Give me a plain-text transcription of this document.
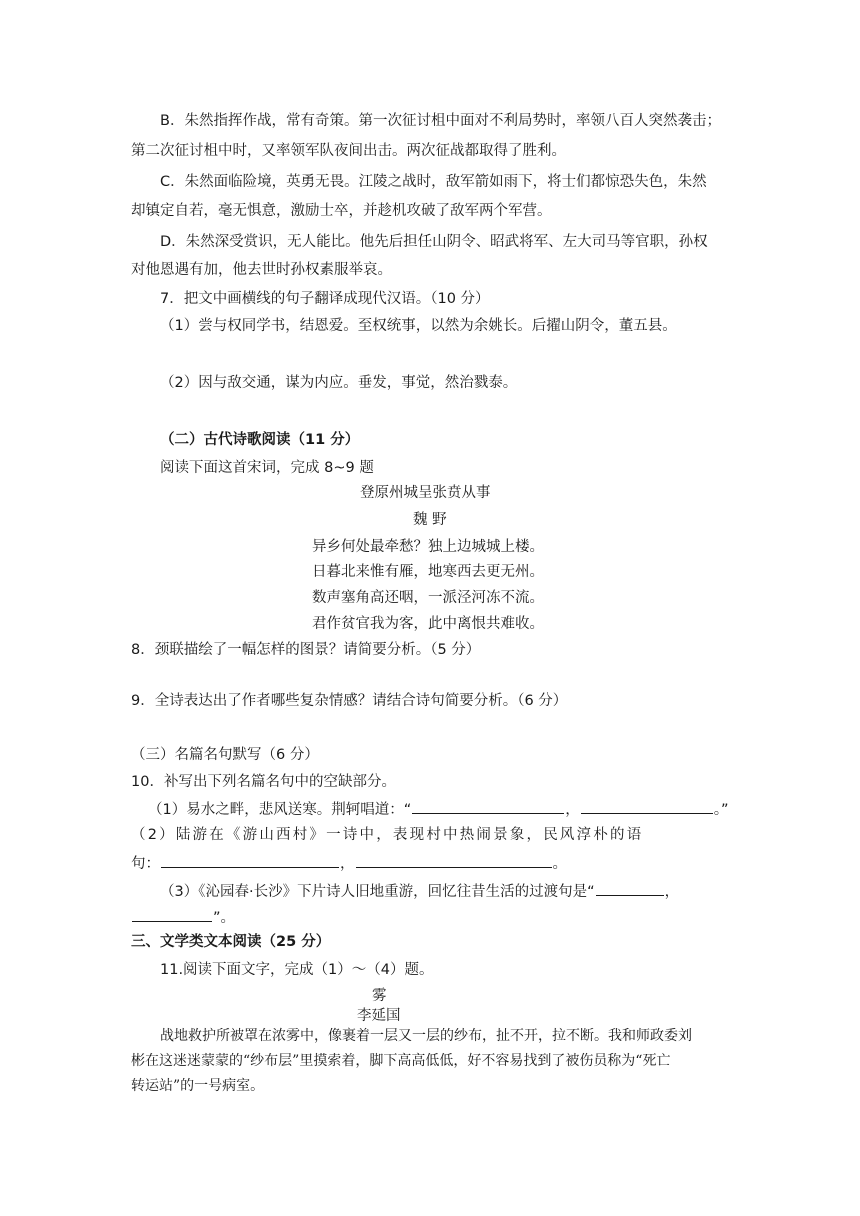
B．朱然指挥作战，常有奇策。第一次征讨柤中面对不利局势时，率领八百人突然袭击；
第二次征讨柤中时，又率领军队夜间出击。两次征战都取得了胜利。
C．朱然面临险境，英勇无畏。江陵之战时，敌军箭如雨下，将士们都惊恐失色，朱然
却镇定自若，毫无惧意，激励士卒，并趁机攻破了敌军两个军营。
D．朱然深受赏识，无人能比。他先后担任山阴令、昭武将军、左大司马等官职，孙权
对他恩遇有加，他去世时孙权素服举哀。
7．把文中画横线的句子翻译成现代汉语。（10 分）
（1）尝与权同学书，结恩爱。至权统事，以然为余姚长。后擢山阴令，董五县。
（2）因与敌交通，谋为内应。垂发，事觉，然治戮泰。
（二）古代诗歌阅读（11 分）
阅读下面这首宋词，完成 8~9 题
登原州城呈张贲从事
魏 野
异乡何处最牵愁？独上边城城上楼。
日暮北来惟有雁，地寒西去更无州。
数声塞角高还咽，一派泾河冻不流。
君作贫官我为客，此中离恨共难收。
8．颈联描绘了一幅怎样的图景？请简要分析。（5 分）
9．全诗表达出了作者哪些复杂情感？请结合诗句简要分析。（6 分）
（三）名篇名句默写（6 分）
10．补写出下列名篇名句中的空缺部分。
（1）易水之畔，悲风送寒。荆轲唱道：“	，	。”
（2）陆游在《游山西村》一诗中，表现村中热闹景象，民风淳朴的语
句：	，	。
（3）《沁园春·长沙》下片诗人旧地重游，回忆往昔生活的过渡句是“	，
”。
三、文学类文本阅读（25 分）
11.阅读下面文字，完成（1）～（4）题。
雾
李延国
战地救护所被罩在浓雾中，像裹着一层又一层的纱布，扯不开，拉不断。我和师政委刘
彬在这迷迷蒙蒙的“纱布层”里摸索着，脚下高高低低，好不容易找到了被伤员称为“死亡
转运站”的一号病室。
